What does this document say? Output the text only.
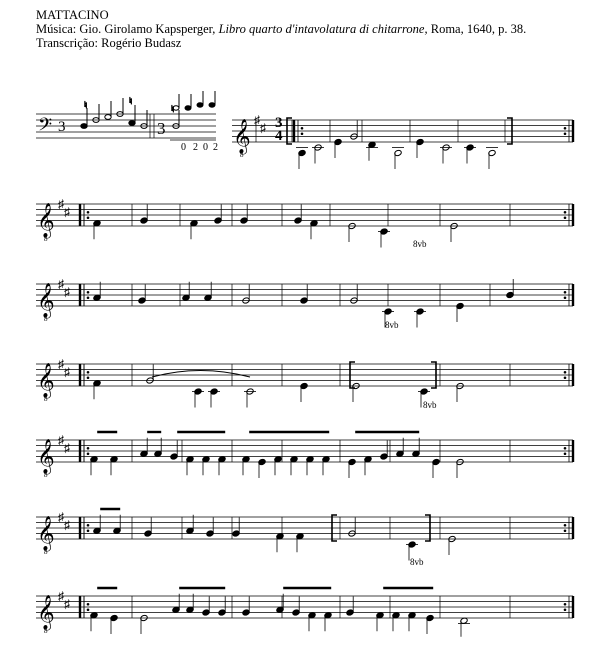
MATTACINO
Música: Gio. Girolamo Kapsperger, Libro quarto d'intavolatura di chitarrone, Roma, 1640, p. 38.
Transcrição: Rogério Budasz
𝄢 3	3
♮	♮
♮
0 2 0 2
3
4
8vb
8vb
8vb
8vb
𝄞
8
♯
♯
𝄞
8
♯
♯
𝄞
8
♯
♯
𝄞
8
♯
♯
𝄞
8
♯
♯
𝄞
8
♯
♯
𝄞
8
♯
♯
